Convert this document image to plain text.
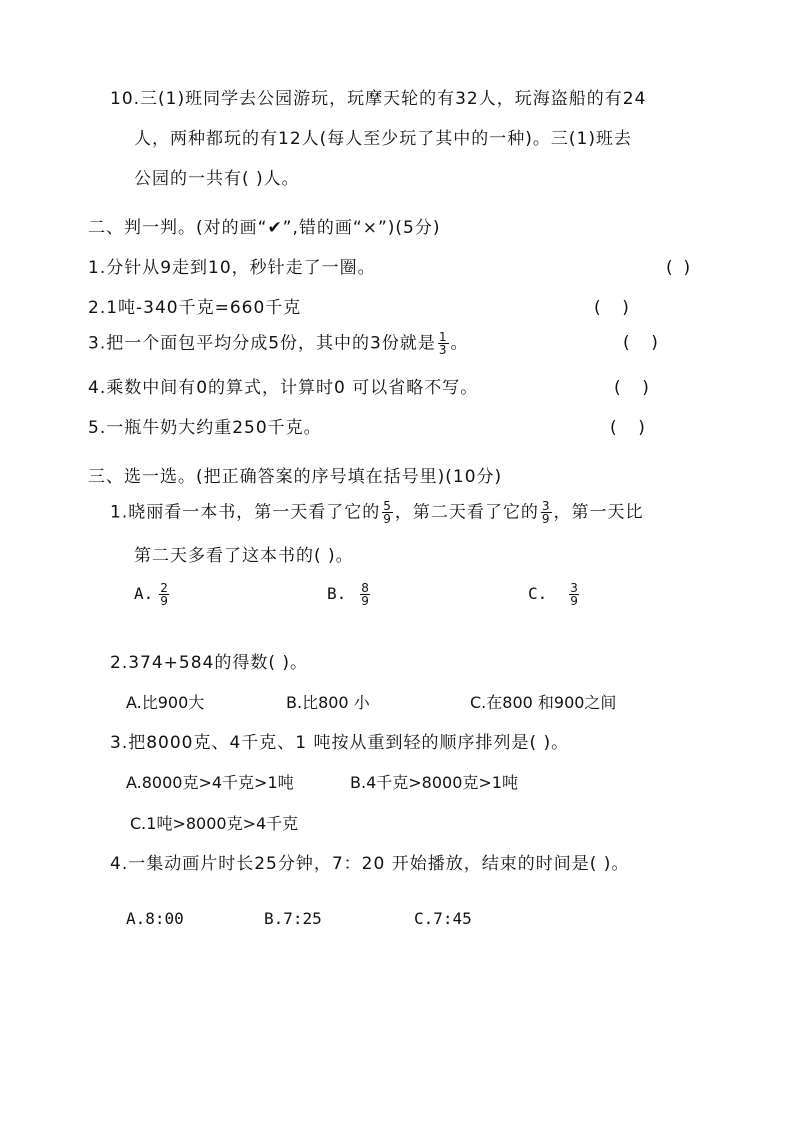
10.三(1)班同学去公园游玩，玩摩天轮的有32人，玩海盗船的有24
人，两种都玩的有12人(每人至少玩了其中的一种)。三(1)班去
公园的一共有( )人。
二、判一判。(对的画“✔”,错的画“×”)(5分)
1.分针从9走到10，秒针走了一圈。	(  )
2.1吨-340千克=660千克	(    )
3.把一个面包平均分成5份，其中的3份就是 $\frac{1}{3}$ 。	(    )
4.乘数中间有0的算式，计算时0 可以省略不写。	(    )
5.一瓶牛奶大约重250千克。	(    )
三、选一选。(把正确答案的序号填在括号里)(10分)
1.晓丽看一本书，第一天看了它的 $\frac{5}{9}$ ，第二天看了它的 $\frac{3}{9}$ ，第一天比
第二天多看了这本书的( )。
A. $\frac{2}{9}$	B. $\frac{8}{9}$	C. $\frac{3}{9}$
2.374+584的得数( )。
A.比900大	B.比800 小	C.在800 和900之间
3.把8000克、4千克、1 吨按从重到轻的顺序排列是( )。
A.8000克>4千克>1吨	B.4千克>8000克>1吨
C.1吨>8000克>4千克
4.一集动画片时长25分钟，7：20 开始播放，结束的时间是( )。
A.8:00	B.7:25	C.7:45
